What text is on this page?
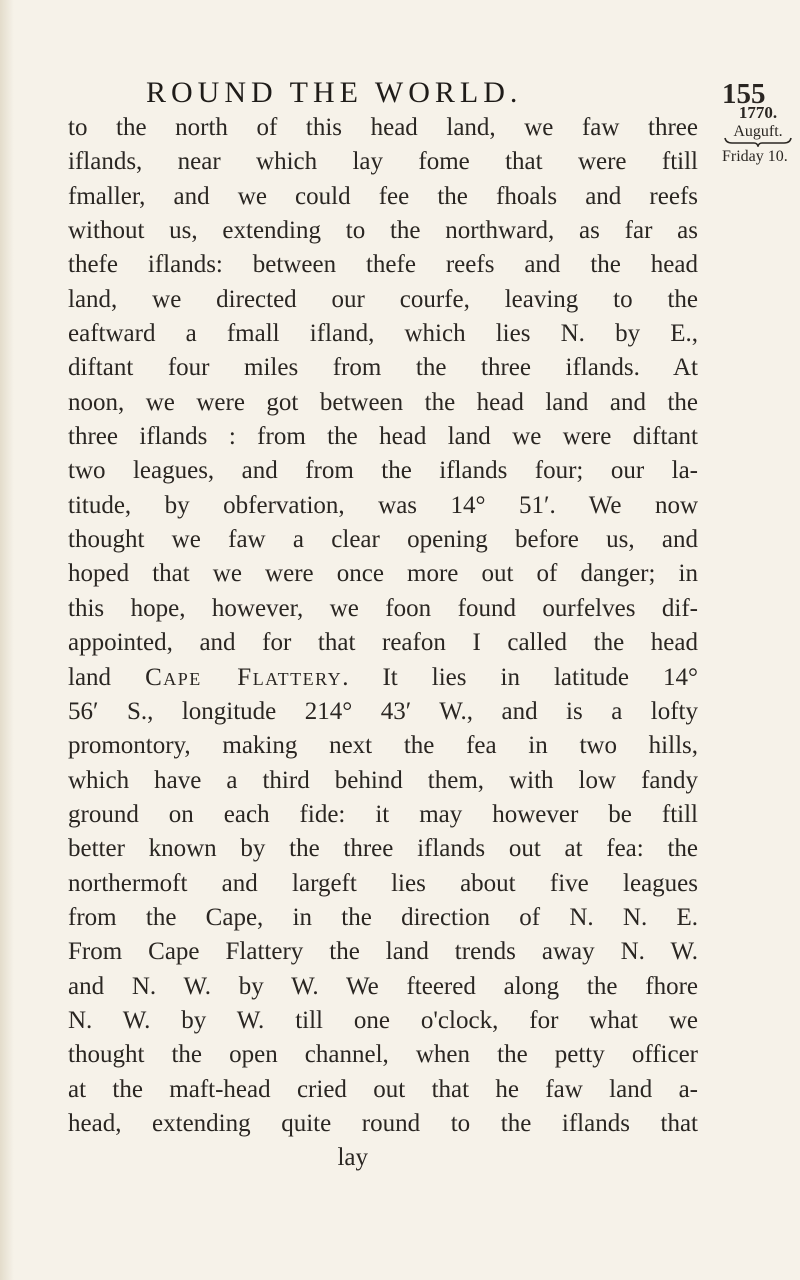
ROUND THE WORLD.	155
1770.
Auguft.
Friday 10.
to the north of this head land, we faw three
iflands, near which lay fome that were ftill
fmaller, and we could fee the fhoals and reefs
without us, extending to the northward, as far as
thefe iflands: between thefe reefs and the head
land, we directed our courfe, leaving to the
eaftward a fmall ifland, which lies N. by E.,
diftant four miles from the three iflands. At
noon, we were got between the head land and the
three iflands : from the head land we were diftant
two leagues, and from the iflands four; our la-
titude, by obfervation, was 14° 51′. We now
thought we faw a clear opening before us, and
hoped that we were once more out of danger; in
this hope, however, we foon found ourfelves dif-
appointed, and for that reafon I called the head
land Cape Flattery. It lies in latitude 14°
56′ S., longitude 214° 43′ W., and is a lofty
promontory, making next the fea in two hills,
which have a third behind them, with low fandy
ground on each fide: it may however be ftill
better known by the three iflands out at fea: the
northermoft and largeft lies about five leagues
from the Cape, in the direction of N. N. E.
From Cape Flattery the land trends away N. W.
and N. W. by W. We fteered along the fhore
N. W. by W. till one o'clock, for what we
thought the open channel, when the petty officer
at the maft-head cried out that he faw land a-
head, extending quite round to the iflands that
lay
